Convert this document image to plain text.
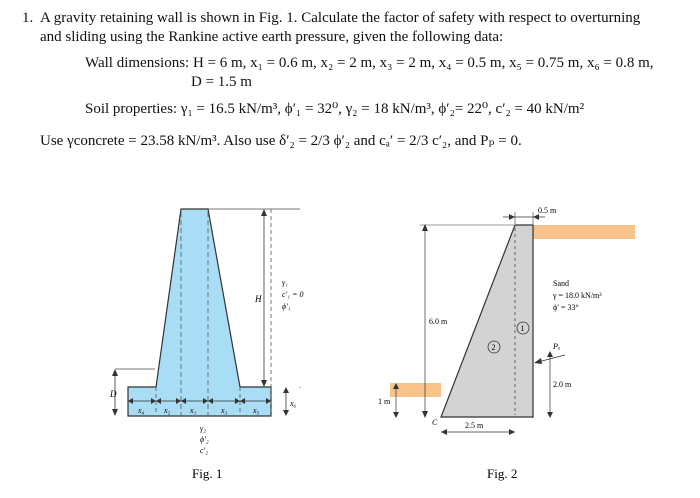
1. A gravity retaining wall is shown in Fig. 1. Calculate the factor of safety with respect to overturning
and sliding using the Rankine active earth pressure, given the following data:
Wall dimensions: H = 6 m, x₁ = 0.6 m, x₂ = 2 m, x₃ = 2 m, x₄ = 0.5 m, x₅ = 0.75 m, x₆ = 0.8 m,
D = 1.5 m
Soil properties: γ₁ = 16.5 kN/m³, ϕ′₁ = 32⁰, γ₂ = 18 kN/m³, ϕ′₂= 22⁰, c′₂ = 40 kN/m²
Use γconcrete = 23.58 kN/m³. Also use δ′₂ = 2/3 ϕ′₂ and cₐ′ = 2/3 c′₂, and Pₚ = 0.
H
D
x₆
x₄ x₂ x₁	x₃	x₅
γ₁
c′₁ = 0
ϕ′₁
γ₂
ϕ′₂
c′₂
Fig. 1
0.5 m
6.0 m
1 m
2.5 m
C
2.0 m
Pₐ
Sand
γ = 18.0 kN/m³
ϕ′ = 33°
1
2
Fig. 2
